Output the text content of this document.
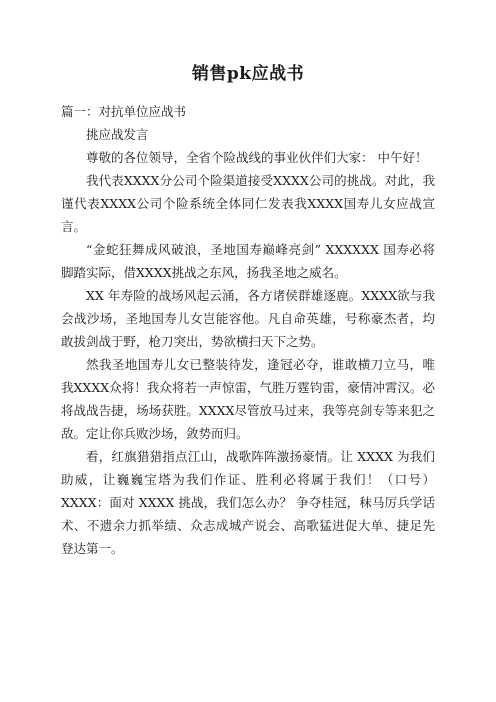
销售pk应战书

篇一：对抗单位应战书

挑应战发言

尊敬的各位领导，全省个险战线的事业伙伴们大家： 中午好！

我代表XXXX分公司个险渠道接受XXXX公司的挑战。对此，我谨代表XXXX公司个险系统全体同仁发表我XXXX国寿儿女应战宣言。

“金蛇狂舞成风破浪，圣地国寿巅峰亮剑” XXXXXX 国寿必将脚踏实际，借XXXX挑战之东风，扬我圣地之威名。

XX 年寿险的战场风起云涌，各方诸侯群雄逐鹿。XXXX欲与我会战沙场，圣地国寿儿女岂能容他。凡自命英雄，号称豪杰者，均敢拔剑战于野，枪刀突出，势欲横扫天下之势。

然我圣地国寿儿女已整装待发，逢冠必夺，谁敢横刀立马，唯我XXXX众将！我众将若一声惊雷，气胜万霆钧雷，豪情冲霄汉。必将战战告捷，场场获胜。XXXX尽管放马过来，我等亮剑专等来犯之敌。定让你兵败沙场，敛势而归。

看，红旗猎猎指点江山，战歌阵阵激扬豪情。让 XXXX 为我们助威，让巍巍宝塔为我们作证、胜利必将属于我们！（口号）XXXX：面对 XXXX 挑战，我们怎么办？ 争夺桂冠，秣马厉兵学话术、不遗余力抓举绩、众志成城产说会、高歌猛进促大单、捷足先登达第一。
